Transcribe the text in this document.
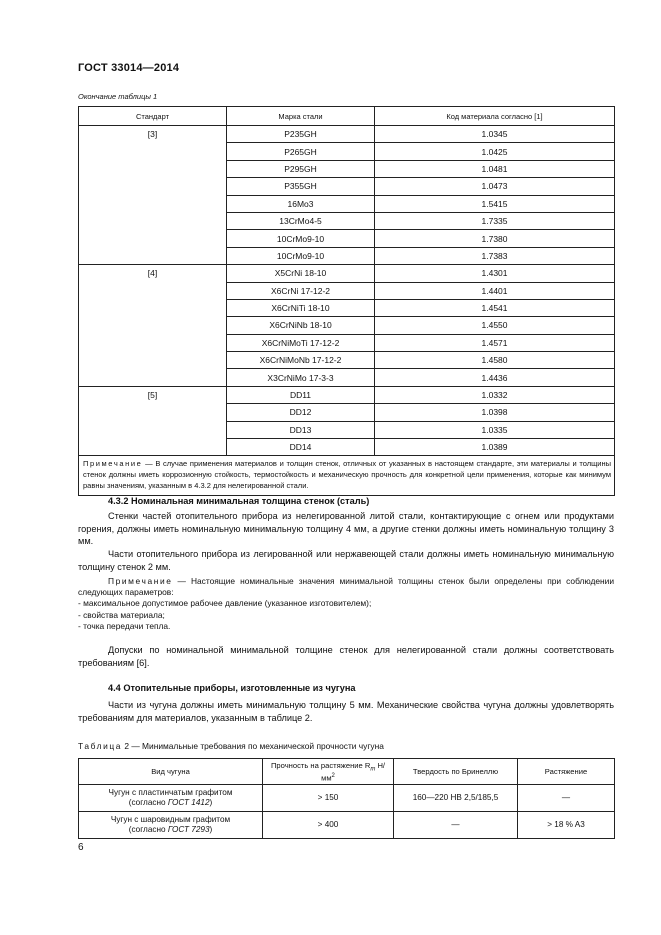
ГОСТ 33014—2014
Окончание таблицы 1
Стандарт	Марка стали	Код материала согласно [1]
[3]	P235GH	1.0345
	P265GH	1.0425
	P295GH	1.0481
	P355GH	1.0473
	16Mo3	1.5415
	13CrMo4-5	1.7335
	10CrMo9-10	1.7380
	10CrMo9-10	1.7383
[4]	X5CrNi 18-10	1.4301
	X6CrNi 17-12-2	1.4401
	X6CrNiTi 18-10	1.4541
	X6CrNiNb 18-10	1.4550
	X6CrNiMoTi 17-12-2	1.4571
	X6CrNiMoNb 17-12-2	1.4580
	X3CrNiMo 17-3-3	1.4436
[5]	DD11	1.0332
	DD12	1.0398
	DD13	1.0335
	DD14	1.0389
Примечание — В случае применения материалов и толщин стенок, отличных от указанных в настоящем стандарте, эти материалы и толщины стенок должны иметь коррозионную стойкость, термостойкость и механическую прочность для конкретной цели применения, которые как минимум равны значениям, указанным в 4.3.2 для нелегированной стали.		
4.3.2 Номинальная минимальная толщина стенок (сталь)
Стенки частей отопительного прибора из нелегированной литой стали, контактирующие с огнем или продуктами горения, должны иметь номинальную минимальную толщину 4 мм, а другие стенки должны иметь номинальную толщину 3 мм.
Части отопительного прибора из легированной или нержавеющей стали должны иметь номинальную минимальную толщину стенок 2 мм.
Примечание — Настоящие номинальные значения минимальной толщины стенок были определены при соблюдении следующих параметров:
- максимальное допустимое рабочее давление (указанное изготовителем);
- свойства материала;
- точка передачи тепла.
Допуски по номинальной минимальной толщине стенок для нелегированной стали должны соответствовать требованиям [6].
4.4 Отопительные приборы, изготовленные из чугуна
Части из чугуна должны иметь минимальную толщину 5 мм. Механические свойства чугуна должны удовлетворять требованиям для материалов, указанным в таблице 2.
Таблица 2 — Минимальные требования по механической прочности чугуна
Вид чугуна	Прочность на растяжение $R_m$ $Н/мм^2$	Твердость по Бринеллю	Растяжение
Чугун с пластинчатым графитом
(согласно ГОСТ 1412)	> 150	160—220 HB 2,5/185,5	—
Чугун с шаровидным графитом
(согласно ГОСТ 7293)	> 400	—	> 18 % A3
6
